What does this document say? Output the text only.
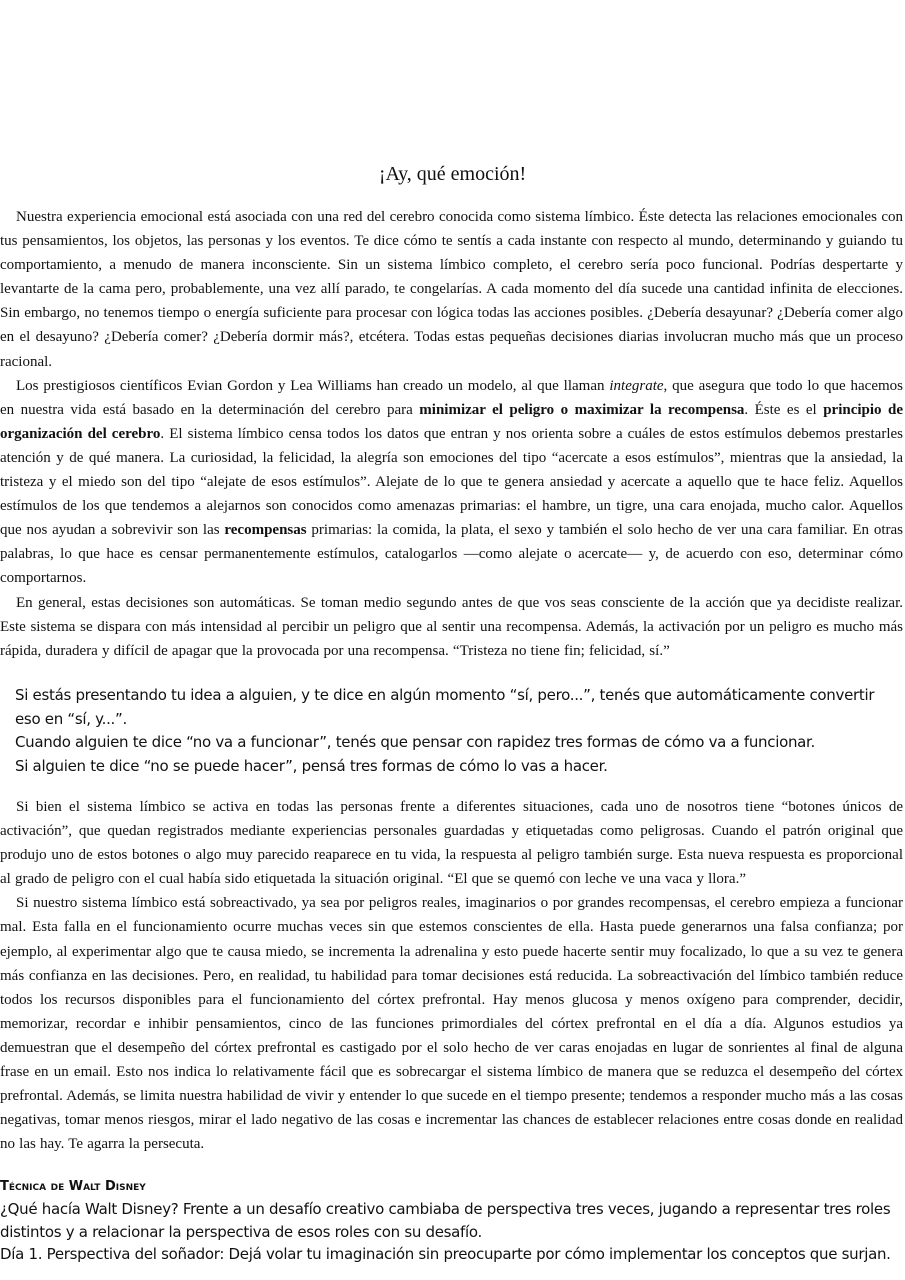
¡Ay, qué emoción!

Nuestra experiencia emocional está asociada con una red del cerebro conocida como sistema límbico. Éste detecta las relaciones emocionales con tus pensamientos, los objetos, las personas y los eventos. Te dice cómo te sentís a cada instante con respecto al mundo, determinando y guiando tu comportamiento, a menudo de manera inconsciente. Sin un sistema límbico completo, el cerebro sería poco funcional. Podrías despertarte y levantarte de la cama pero, probablemente, una vez allí parado, te congelarías. A cada momento del día sucede una cantidad infinita de elecciones. Sin embargo, no tenemos tiempo o energía suficiente para procesar con lógica todas las acciones posibles. ¿Debería desayunar? ¿Debería comer algo en el desayuno? ¿Debería comer? ¿Debería dormir más?, etcétera. Todas estas pequeñas decisiones diarias involucran mucho más que un proceso racional.

Los prestigiosos científicos Evian Gordon y Lea Williams han creado un modelo, al que llaman integrate, que asegura que todo lo que hacemos en nuestra vida está basado en la determinación del cerebro para minimizar el peligro o maximizar la recompensa. Éste es el principio de organización del cerebro. El sistema límbico censa todos los datos que entran y nos orienta sobre a cuáles de estos estímulos debemos prestarles atención y de qué manera. La curiosidad, la felicidad, la alegría son emociones del tipo “acercate a esos estímulos”, mientras que la ansiedad, la tristeza y el miedo son del tipo “alejate de esos estímulos”. Alejate de lo que te genera ansiedad y acercate a aquello que te hace feliz. Aquellos estímulos de los que tendemos a alejarnos son conocidos como amenazas primarias: el hambre, un tigre, una cara enojada, mucho calor. Aquellos que nos ayudan a sobrevivir son las recompensas primarias: la comida, la plata, el sexo y también el solo hecho de ver una cara familiar. En otras palabras, lo que hace es censar permanentemente estímulos, catalogarlos —como alejate o acercate— y, de acuerdo con eso, determinar cómo comportarnos.

En general, estas decisiones son automáticas. Se toman medio segundo antes de que vos seas consciente de la acción que ya decidiste realizar. Este sistema se dispara con más intensidad al percibir un peligro que al sentir una recompensa. Además, la activación por un peligro es mucho más rápida, duradera y difícil de apagar que la provocada por una recompensa. “Tristeza no tiene fin; felicidad, sí.”

Si estás presentando tu idea a alguien, y te dice en algún momento “sí, pero...”, tenés que automáticamente convertir eso en “sí, y...”.

Cuando alguien te dice “no va a funcionar”, tenés que pensar con rapidez tres formas de cómo va a funcionar.

Si alguien te dice “no se puede hacer”, pensá tres formas de cómo lo vas a hacer.

Si bien el sistema límbico se activa en todas las personas frente a diferentes situaciones, cada uno de nosotros tiene “botones únicos de activación”, que quedan registrados mediante experiencias personales guardadas y etiquetadas como peligrosas. Cuando el patrón original que produjo uno de estos botones o algo muy parecido reaparece en tu vida, la respuesta al peligro también surge. Esta nueva respuesta es proporcional al grado de peligro con el cual había sido etiquetada la situación original. “El que se quemó con leche ve una vaca y llora.”

Si nuestro sistema límbico está sobreactivado, ya sea por peligros reales, imaginarios o por grandes recompensas, el cerebro empieza a funcionar mal. Esta falla en el funcionamiento ocurre muchas veces sin que estemos conscientes de ella. Hasta puede generarnos una falsa confianza; por ejemplo, al experimentar algo que te causa miedo, se incrementa la adrenalina y esto puede hacerte sentir muy focalizado, lo que a su vez te genera más confianza en las decisiones. Pero, en realidad, tu habilidad para tomar decisiones está reducida. La sobreactivación del límbico también reduce todos los recursos disponibles para el funcionamiento del córtex prefrontal. Hay menos glucosa y menos oxígeno para comprender, decidir, memorizar, recordar e inhibir pensamientos, cinco de las funciones primordiales del córtex prefrontal en el día a día. Algunos estudios ya demuestran que el desempeño del córtex prefrontal es castigado por el solo hecho de ver caras enojadas en lugar de sonrientes al final de alguna frase en un email. Esto nos indica lo relativamente fácil que es sobrecargar el sistema límbico de manera que se reduzca el desempeño del córtex prefrontal. Además, se limita nuestra habilidad de vivir y entender lo que sucede en el tiempo presente; tendemos a responder mucho más a las cosas negativas, tomar menos riesgos, mirar el lado negativo de las cosas e incrementar las chances de establecer relaciones entre cosas donde en realidad no las hay. Te agarra la persecuta.

Técnica de Walt Disney

¿Qué hacía Walt Disney? Frente a un desafío creativo cambiaba de perspectiva tres veces, jugando a representar tres roles distintos y a relacionar la perspectiva de esos roles con su desafío.

Día 1. Perspectiva del soñador: Dejá volar tu imaginación sin preocuparte por cómo implementar los conceptos que surjan.
